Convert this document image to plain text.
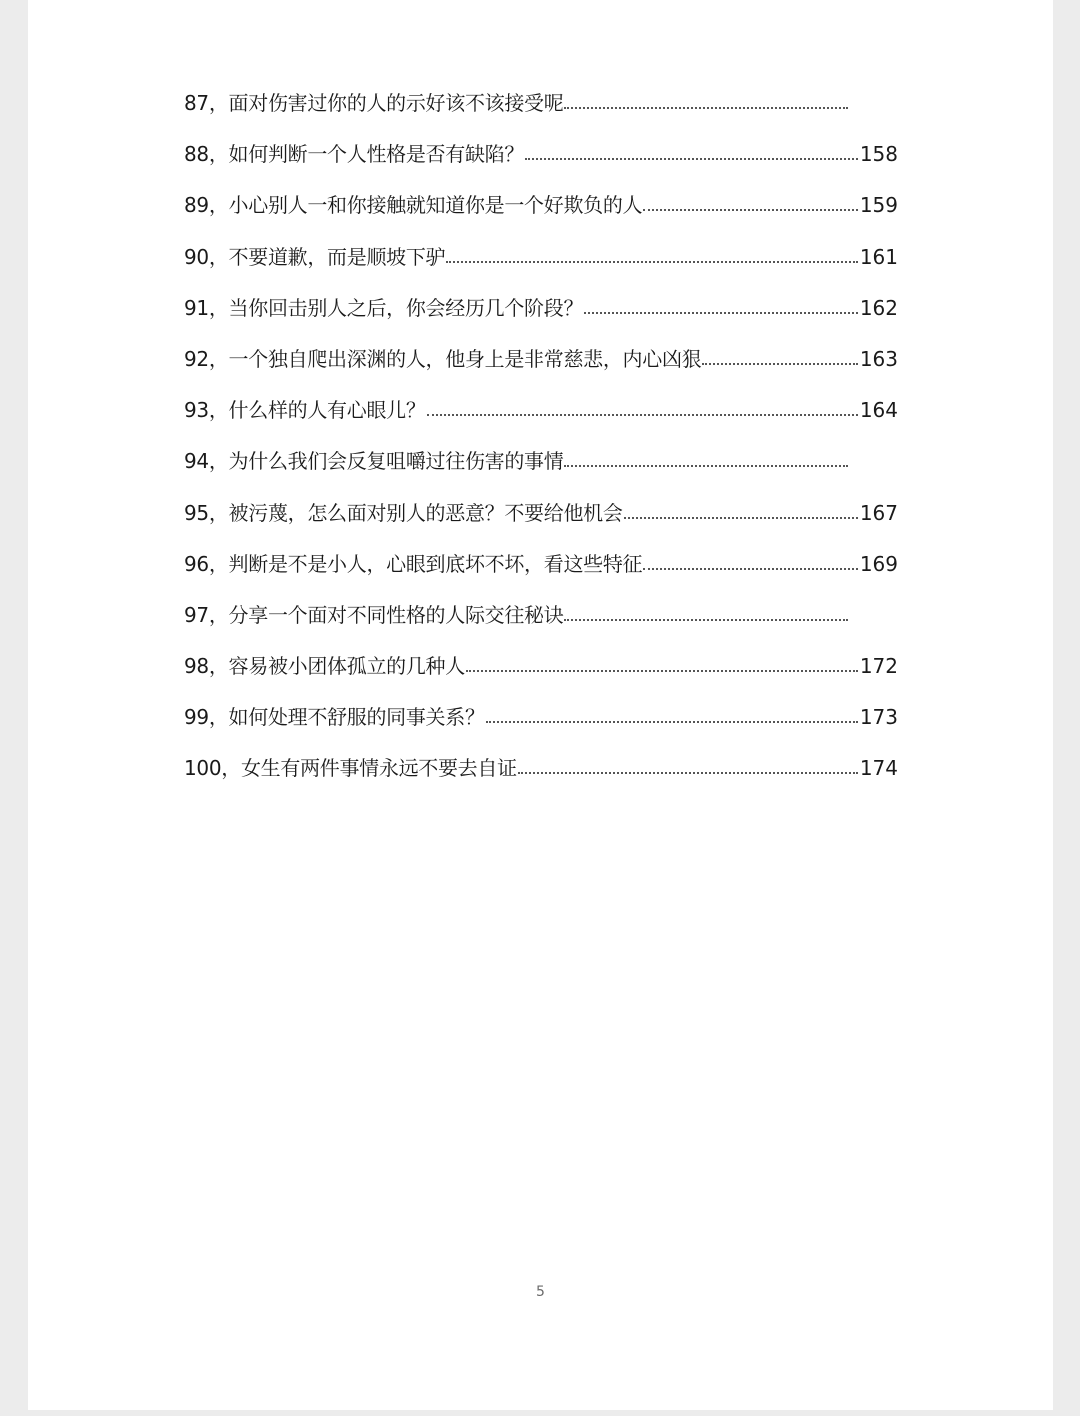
87，面对伤害过你的人的示好该不该接受呢
88，如何判断一个人性格是否有缺陷？	158
89，小心别人一和你接触就知道你是一个好欺负的人	159
90，不要道歉，而是顺坡下驴	161
91，当你回击别人之后，你会经历几个阶段？	162
92，一个独自爬出深渊的人，他身上是非常慈悲，内心凶狠	163
93，什么样的人有心眼儿？	164
94，为什么我们会反复咀嚼过往伤害的事情
95，被污蔑，怎么面对别人的恶意？不要给他机会	167
96，判断是不是小人，心眼到底坏不坏，看这些特征	169
97，分享一个面对不同性格的人际交往秘诀
98，容易被小团体孤立的几种人	172
99，如何处理不舒服的同事关系？	173
100，女生有两件事情永远不要去自证	174
5
